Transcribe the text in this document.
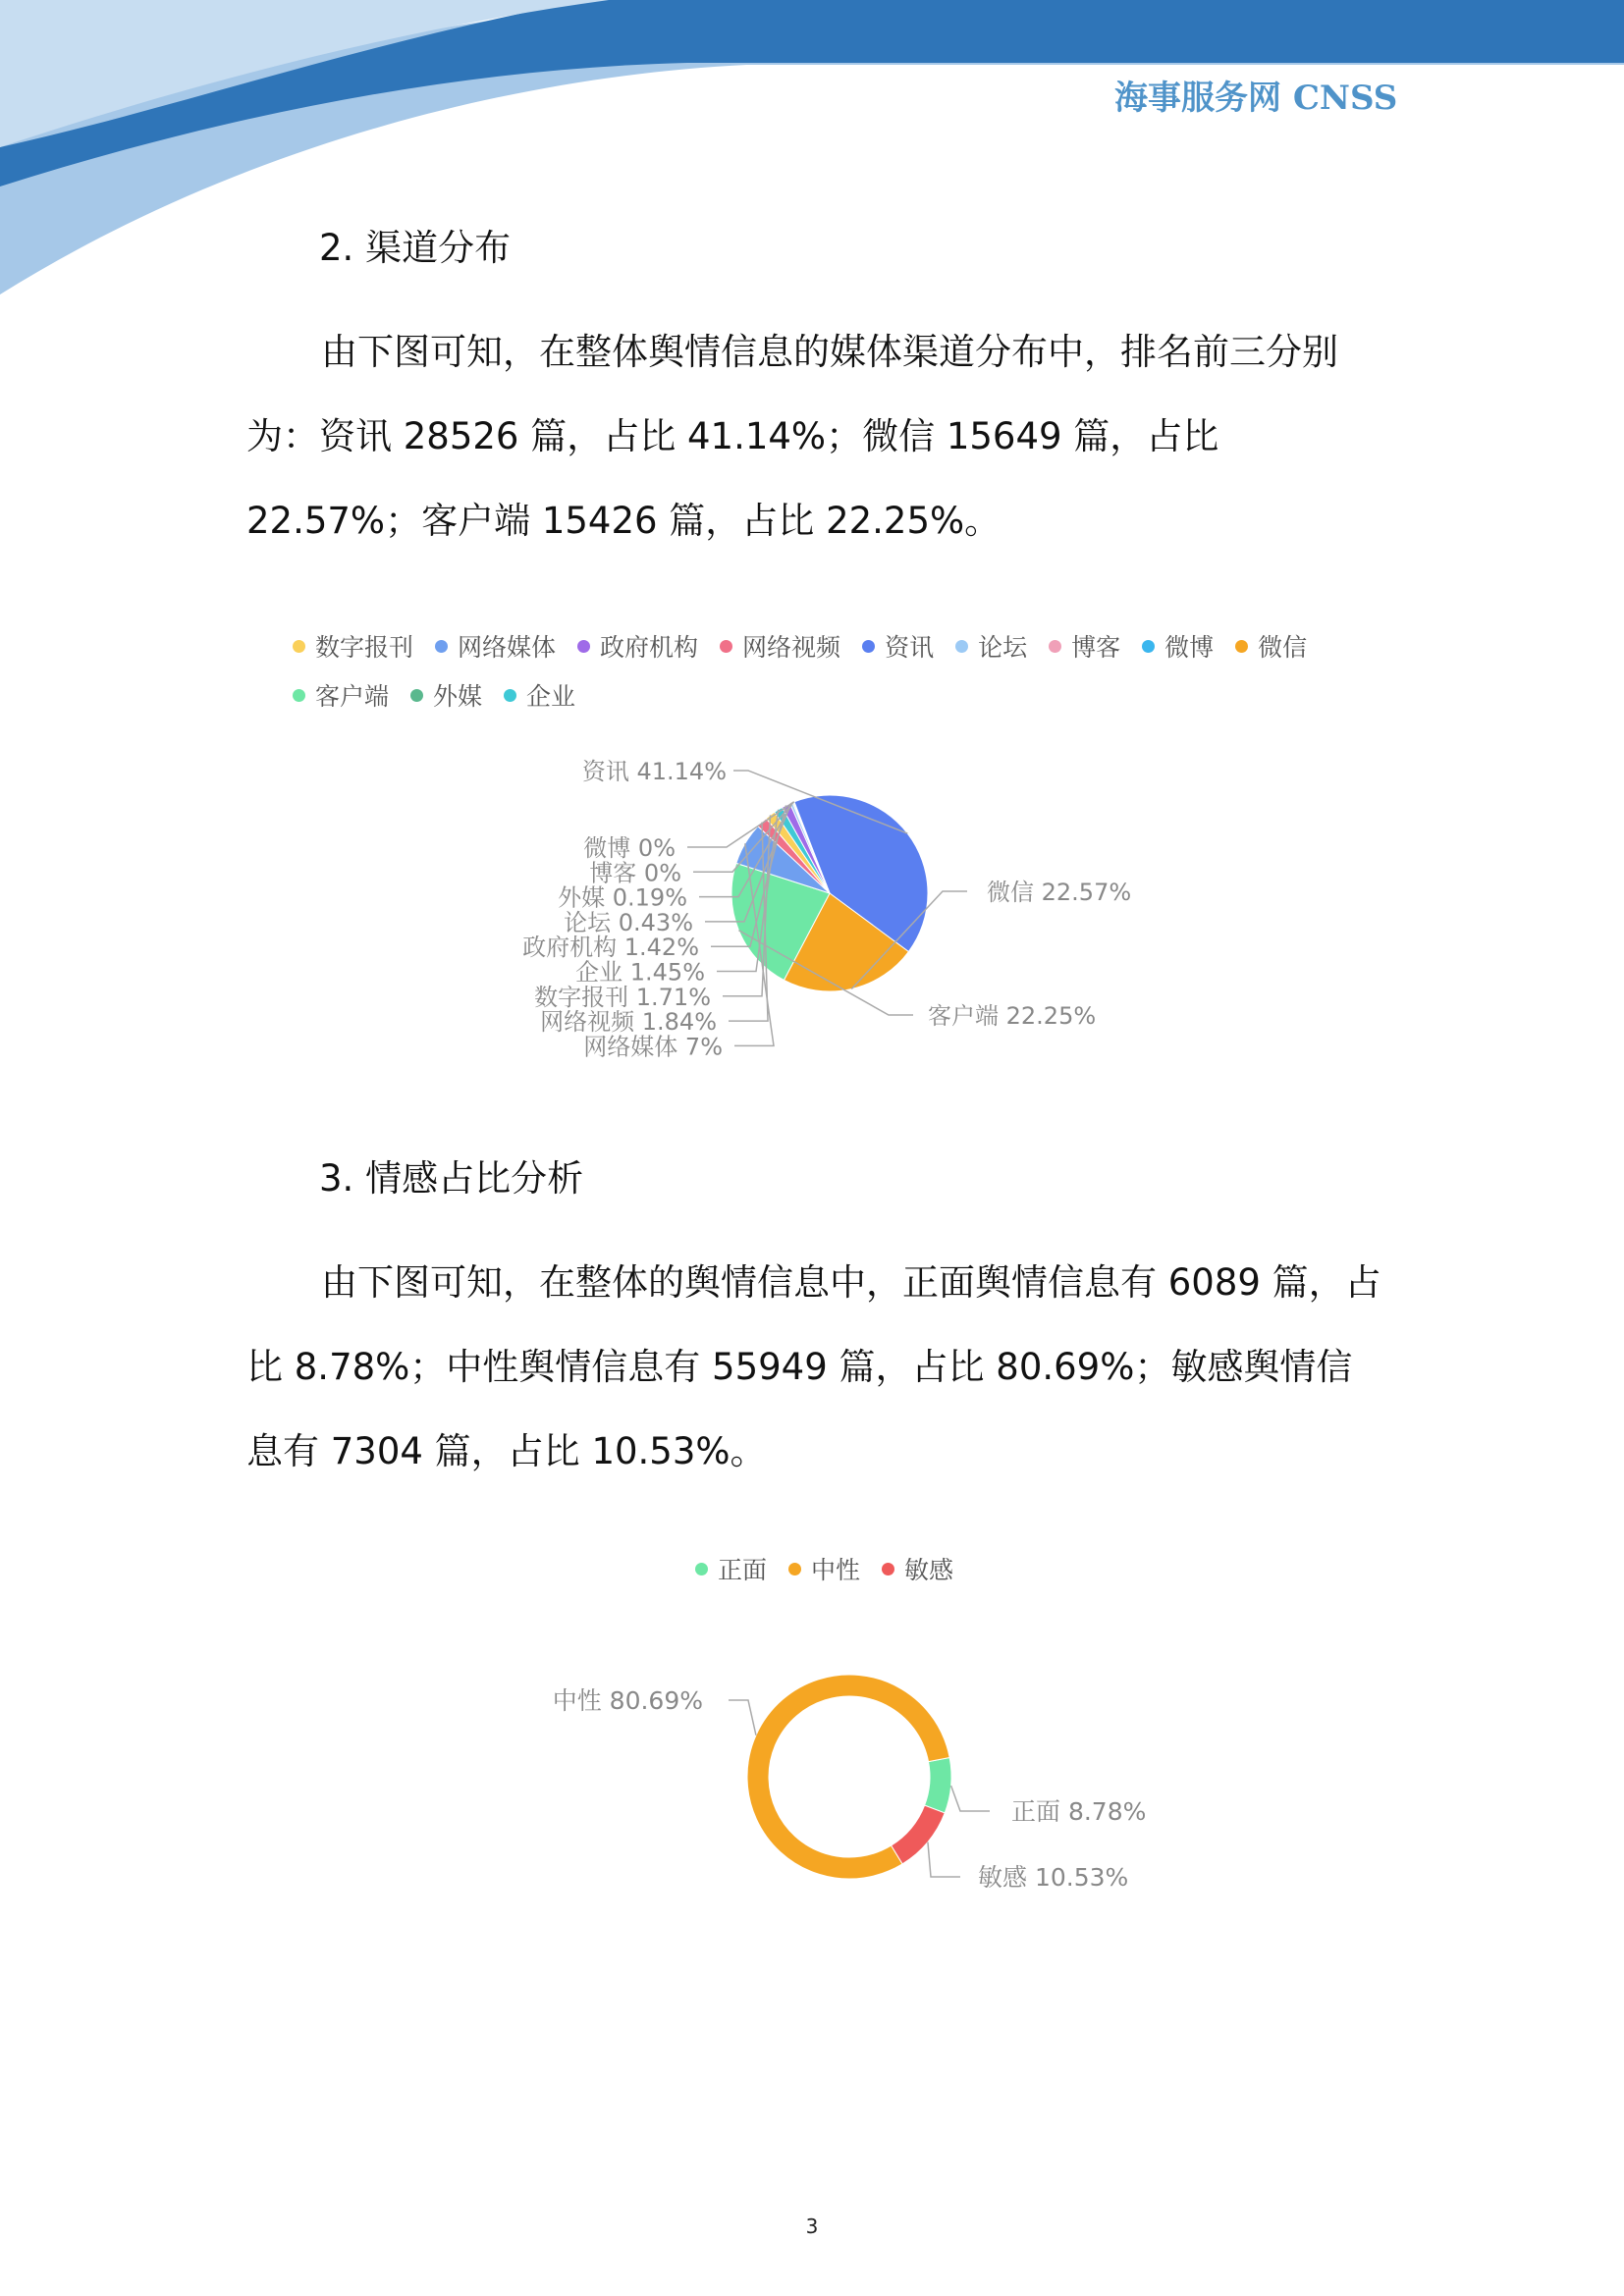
海事服务网 CNSS
2. 渠道分布

由下图可知，在整体舆情信息的媒体渠道分布中，排名前三分别为：资讯 28526 篇，占比 41.14%；微信 15649 篇，占比 22.57%；客户端 15426 篇，占比 22.25%。

数字报刊 网络媒体 政府机构 网络视频 资讯 论坛 博客 微博 微信
客户端 外媒 企业
资讯 41.14%
微信 22.57%
客户端 22.25%
网络媒体 7%
网络视频 1.84%
数字报刊 1.71%
企业 1.45%
政府机构 1.42%
论坛 0.43%
外媒 0.19%
博客 0%
微博 0%
3. 情感占比分析

由下图可知，在整体的舆情信息中，正面舆情信息有 6089 篇，占比 8.78%；中性舆情信息有 55949 篇，占比 80.69%；敏感舆情信息有 7304 篇，占比 10.53%。

正面 中性 敏感
正面 8.78%
敏感 10.53%
中性 80.69%
3
